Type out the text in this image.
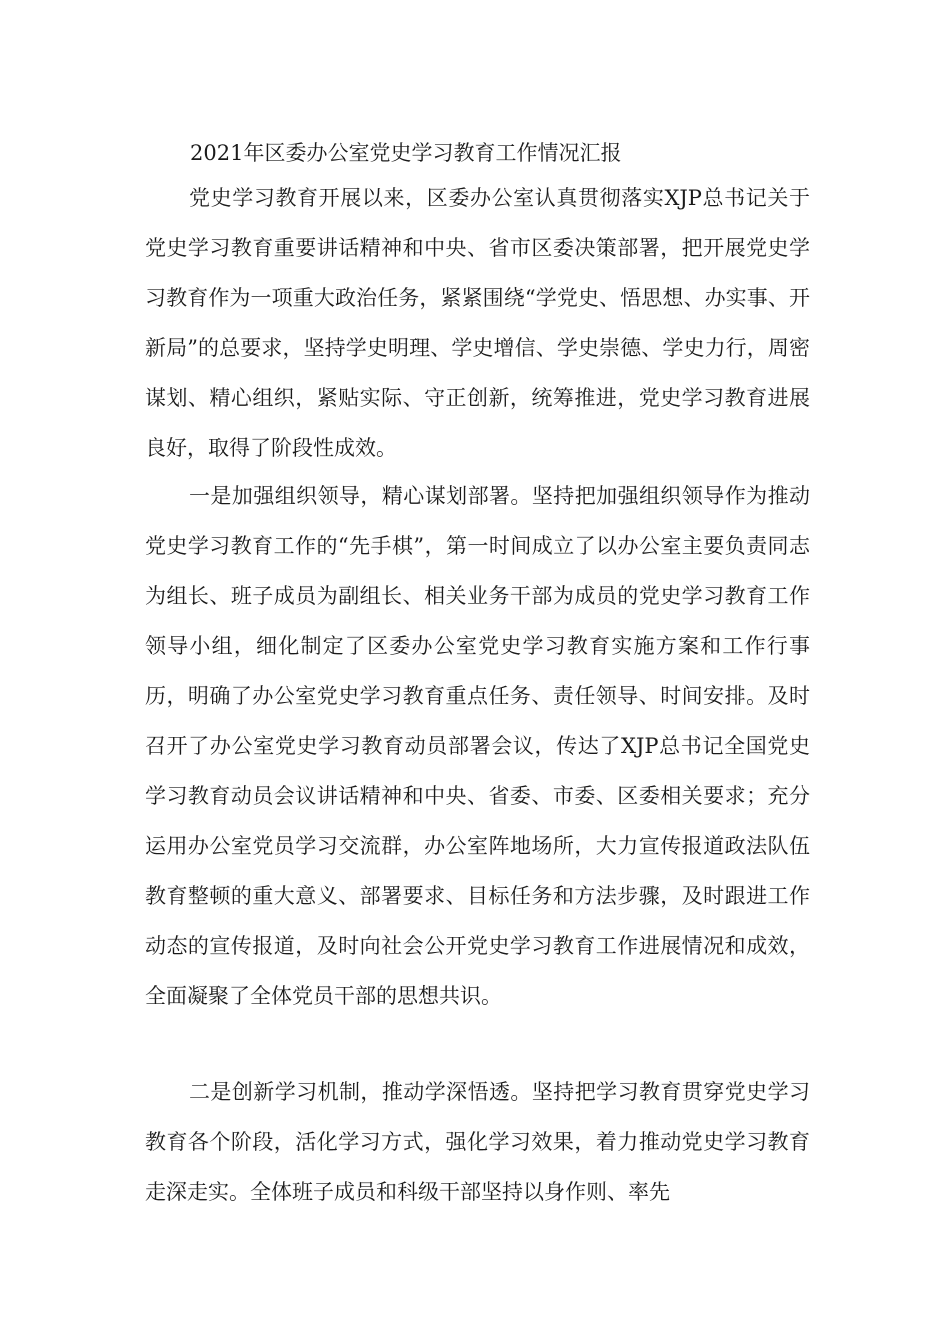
2021年区委办公室党史学习教育工作情况汇报

党史学习教育开展以来，区委办公室认真贯彻落实XJP总书记关于党史学习教育重要讲话精神和中央、省市区委决策部署，把开展党史学习教育作为一项重大政治任务，紧紧围绕“学党史、悟思想、办实事、开新局”的总要求，坚持学史明理、学史增信、学史崇德、学史力行，周密谋划、精心组织，紧贴实际、守正创新，统筹推进，党史学习教育进展良好，取得了阶段性成效。

一是加强组织领导，精心谋划部署。坚持把加强组织领导作为推动党史学习教育工作的“先手棋”，第一时间成立了以办公室主要负责同志为组长、班子成员为副组长、相关业务干部为成员的党史学习教育工作领导小组，细化制定了区委办公室党史学习教育实施方案和工作行事历，明确了办公室党史学习教育重点任务、责任领导、时间安排。及时召开了办公室党史学习教育动员部署会议，传达了XJP总书记全国党史学习教育动员会议讲话精神和中央、省委、市委、区委相关要求；充分运用办公室党员学习交流群，办公室阵地场所，大力宣传报道政法队伍教育整顿的重大意义、部署要求、目标任务和方法步骤，及时跟进工作动态的宣传报道，及时向社会公开党史学习教育工作进展情况和成效，全面凝聚了全体党员干部的思想共识。

二是创新学习机制，推动学深悟透。坚持把学习教育贯穿党史学习教育各个阶段，活化学习方式，强化学习效果，着力推动党史学习教育走深走实。全体班子成员和科级干部坚持以身作则、率先
